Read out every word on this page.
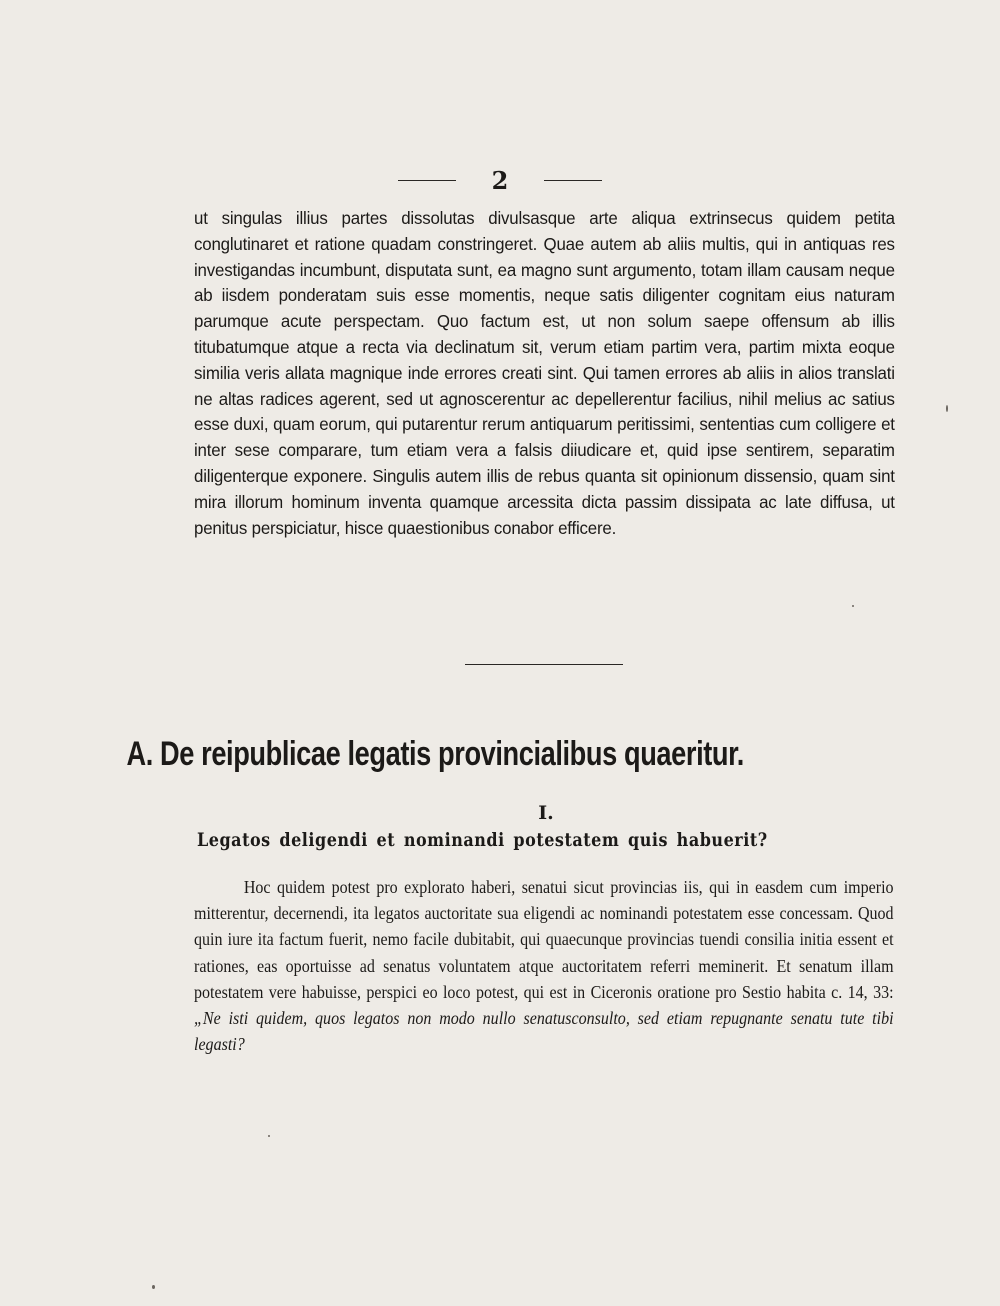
2
ut singulas illius partes dissolutas divulsasque arte aliqua extrinsecus quidem petita conglutinaret et ratione quadam constringeret. Quae autem ab aliis multis, qui in antiquas res investigandas incumbunt, disputata sunt, ea magno sunt argumento, totam illam causam neque ab iisdem ponderatam suis esse momentis, neque satis diligenter cognitam eius naturam parumque acute perspectam. Quo factum est, ut non solum saepe offensum ab illis titubatumque atque a recta via declinatum sit, verum etiam partim vera, partim mixta eoque similia veris allata magnique inde errores creati sint. Qui tamen errores ab aliis in alios translati ne altas radices agerent, sed ut agnoscerentur ac depellerentur facilius, nihil melius ac satius esse duxi, quam eorum, qui putarentur rerum antiquarum peritissimi, sententias cum colligere et inter sese comparare, tum etiam vera a falsis diiudicare et, quid ipse sentirem, separatim diligenterque exponere. Singulis autem illis de rebus quanta sit opinionum dissensio, quam sint mira illorum hominum inventa quamque arcessita dicta passim dissipata ac late diffusa, ut penitus perspiciatur, hisce quaestionibus conabor efficere.
A. De reipublicae legatis provincialibus quaeritur.
I.
Legatos deligendi et nominandi potestatem quis habuerit?
Hoc quidem potest pro explorato haberi, senatui sicut provincias iis, qui in easdem cum imperio mitterentur, decernendi, ita legatos auctoritate sua eligendi ac nominandi potestatem esse concessam. Quod quin iure ita factum fuerit, nemo facile dubitabit, qui quaecunque provincias tuendi consilia initia essent et rationes, eas oportuisse ad senatus voluntatem atque auctoritatem referri meminerit. Et senatum illam potestatem vere habuisse, perspici eo loco potest, qui est in Ciceronis oratione pro Sestio habita c. 14, 33: „Ne isti quidem, quos legatos non modo nullo senatusconsulto, sed etiam repugnante senatu tute tibi legasti?
